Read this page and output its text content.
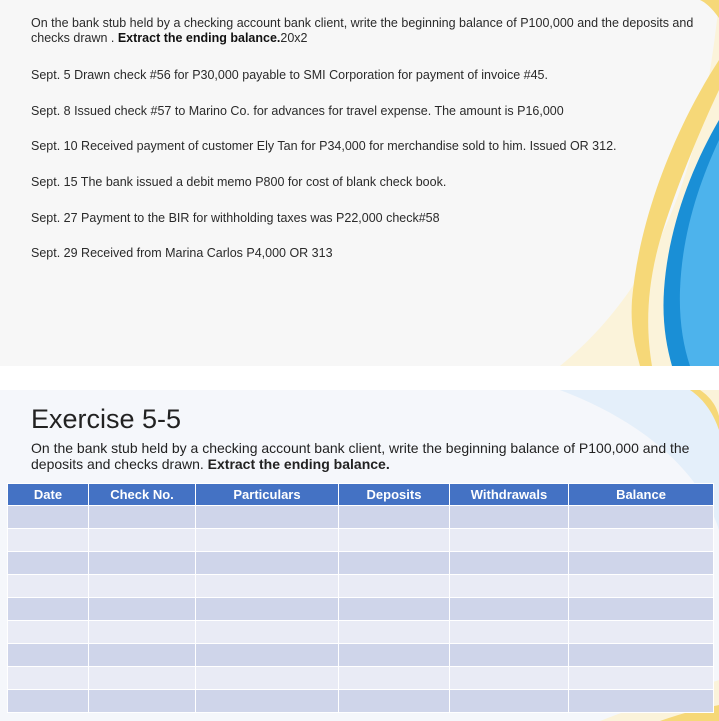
On the bank stub held by a checking account bank client, write the beginning balance of P100,000 and the deposits and checks drawn . Extract the ending balance.20x2

Sept. 5 Drawn check #56 for P30,000 payable to SMI Corporation for payment of invoice #45.

Sept. 8 Issued check #57 to Marino Co. for advances for travel expense. The amount is P16,000

Sept. 10 Received payment of customer Ely Tan for P34,000 for merchandise sold to him. Issued OR 312.

Sept. 15 The bank issued a debit memo P800 for cost of blank check book.

Sept. 27 Payment to the BIR for withholding taxes was P22,000 check#58

Sept. 29 Received from Marina Carlos P4,000 OR 313

Exercise 5-5

On the bank stub held by a checking account bank client, write the beginning balance of P100,000 and the deposits and checks drawn. Extract the ending balance.

Date	Check No.	Particulars	Deposits	Withdrawals	Balance
